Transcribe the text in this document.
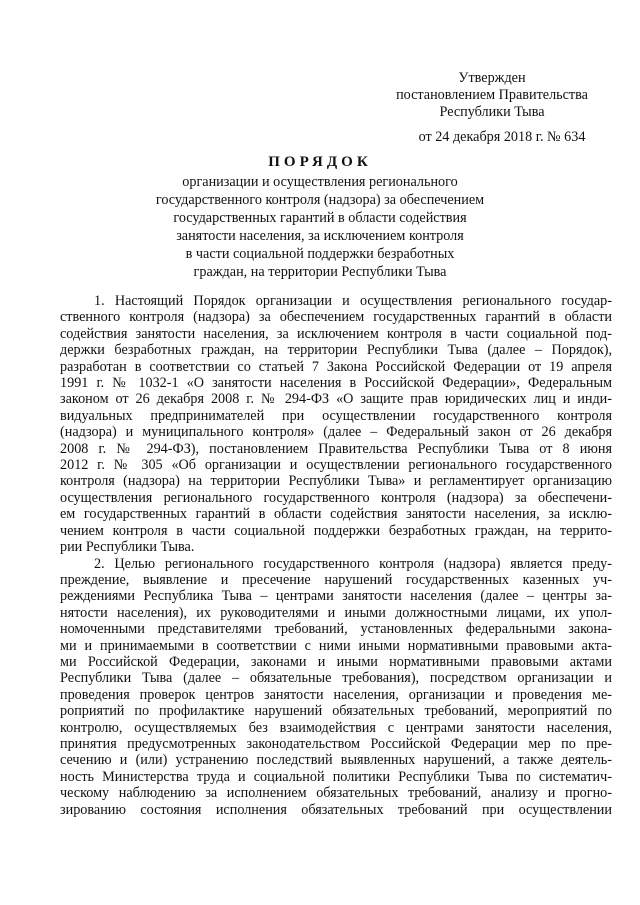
Утвержден
постановлением Правительства
Республики Тыва
от 24 декабря 2018 г. № 634
ПОРЯДОК
организации и осуществления регионального
государственного контроля (надзора) за обеспечением
государственных гарантий в области содействия
занятости населения, за исключением контроля
в части социальной поддержки безработных
граждан, на территории Республики Тыва

1. Настоящий Порядок организации и осуществления регионального государ-
ственного контроля (надзора) за обеспечением государственных гарантий в области
содействия занятости населения, за исключением контроля в части социальной под-
держки безработных граждан, на территории Республики Тыва (далее – Порядок),
разработан в соответствии со статьей 7 Закона Российской Федерации от 19 апреля
1991 г. № 1032-1 «О занятости населения в Российской Федерации», Федеральным
законом от 26 декабря 2008 г. № 294-ФЗ «О защите прав юридических лиц и инди-
видуальных предпринимателей при осуществлении государственного контроля
(надзора) и муниципального контроля» (далее – Федеральный закон от 26 декабря
2008 г. № 294-ФЗ), постановлением Правительства Республики Тыва от 8 июня
2012 г. № 305 «Об организации и осуществлении регионального государственного
контроля (надзора) на территории Республики Тыва» и регламентирует организацию
осуществления регионального государственного контроля (надзора) за обеспечени-
ем государственных гарантий в области содействия занятости населения, за исклю-
чением контроля в части социальной поддержки безработных граждан, на террито-
рии Республики Тыва.

2. Целью регионального государственного контроля (надзора) является преду-
преждение, выявление и пресечение нарушений государственных казенных уч-
реждениями Республика Тыва – центрами занятости населения (далее – центры за-
нятости населения), их руководителями и иными должностными лицами, их упол-
номоченными представителями требований, установленных федеральными закона-
ми и принимаемыми в соответствии с ними иными нормативными правовыми акта-
ми Российской Федерации, законами и иными нормативными правовыми актами
Республики Тыва (далее – обязательные требования), посредством организации и
проведения проверок центров занятости населения, организации и проведения ме-
роприятий по профилактике нарушений обязательных требований, мероприятий по
контролю, осуществляемых без взаимодействия с центрами занятости населения,
принятия предусмотренных законодательством Российской Федерации мер по пре-
сечению и (или) устранению последствий выявленных нарушений, а также деятель-
ность Министерства труда и социальной политики Республики Тыва по систематич-
ческому наблюдению за исполнением обязательных требований, анализу и прогно-
зированию состояния исполнения обязательных требований при осуществлении
